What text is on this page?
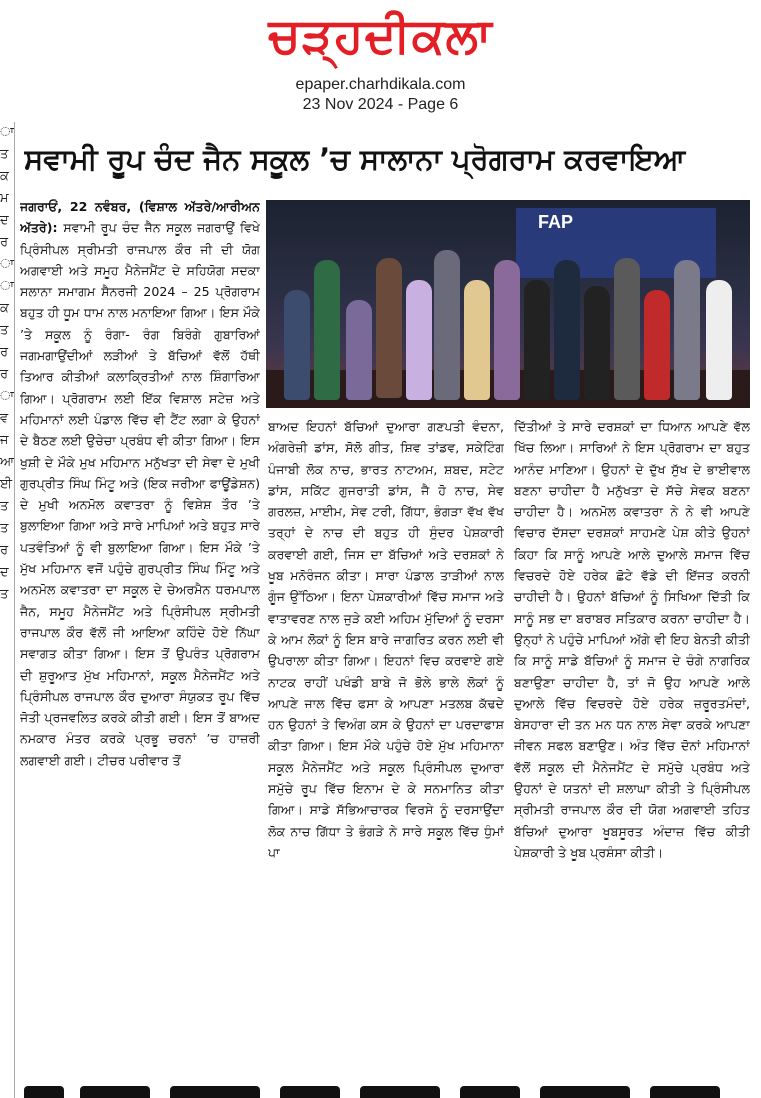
ਚੜ੍ਹਦੀਕਲਾ
epaper.charhdikala.com
23 Nov 2024 - Page 6
ਾ
ਤ
ਕ
ਮ
ਦ
ਰ
ਾ
ਾ
ਕ
ਤ
ਰ
ਰ
ਾ
ਵ
ਜ
ਆ
ਈ
ਤ
ਤ
ਰ
ਦ
ਤ
ਸਵਾਮੀ ਰੂਪ ਚੰਦ ਜੈਨ ਸਕੂਲ ’ਚ ਸਾਲਾਨਾ ਪ੍ਰੋਗਰਾਮ ਕਰਵਾਇਆ
ਜਗਰਾਓਂ, 22 ਨਵੰਬਰ, (ਵਿਸ਼ਾਲ ਅੱਤਰੇ/ਆਰੀਅਨ ਅੱਤਰੇ): ਸਵਾਮੀ ਰੂਪ ਚੰਦ ਜੈਨ ਸਕੂਲ ਜਗਰਾਉਂ ਵਿਖੇ ਪ੍ਰਿੰਸੀਪਲ ਸ੍ਰੀਮਤੀ ਰਾਜਪਾਲ ਕੌਰ ਜੀ ਦੀ ਯੋਗ ਅਗਵਾਈ ਅਤੇ ਸਮੂਹ ਮੈਨੇਜਮੈਂਟ ਦੇ ਸਹਿਯੋਗ ਸਦਕਾ ਸਲਾਨਾ ਸਮਾਗਮ ਸੈਨਰਜੀ 2024 – 25 ਪ੍ਰੋਗਰਾਮ ਬਹੁਤ ਹੀ ਧੂਮ ਧਾਮ ਨਾਲ ਮਨਾਇਆ ਗਿਆ। ਇਸ ਮੌਕੇ ’ਤੇ ਸਕੂਲ ਨੂੰ ਰੰਗਾ- ਰੰਗ ਬਿਰੰਗੇ ਗੁਬਾਰਿਆਂ ਜਗਮਗਾਉਂਦੀਆਂ ਲੜੀਆਂ ਤੇ ਬੱਚਿਆਂ ਵੱਲੋਂ ਹੱਥੀ ਤਿਆਰ ਕੀਤੀਆਂ ਕਲਾਕ੍ਰਿਤੀਆਂ ਨਾਲ ਸ਼ਿੰਗਾਰਿਆ ਗਿਆ। ਪ੍ਰੋਗਰਾਮ ਲਈ ਇੱਕ ਵਿਸ਼ਾਲ ਸਟੇਜ਼ ਅਤੇ ਮਹਿਮਾਨਾਂ ਲਈ ਪੰਡਾਲ ਵਿੱਚ ਵੀ ਟੈਂਟ ਲਗਾ ਕੇ ਉਹਨਾਂ ਦੇ ਬੈਠਣ ਲਈ ਉਚੇਚਾ ਪ੍ਰਬੰਧ ਵੀ ਕੀਤਾ ਗਿਆ। ਇਸ ਖੁਸ਼ੀ ਦੇ ਮੌਕੇ ਮੁਖ ਮਹਿਮਾਨ ਮਨੁੱਖਤਾ ਦੀ ਸੇਵਾ ਦੇ ਮੁਖੀ ਗੁਰਪ੍ਰੀਤ ਸਿੰਘ ਮਿੰਟੂ ਅਤੇ (ਇਕ ਜਰੀਆ ਫਾਊਂਡੇਸ਼ਨ) ਦੇ ਮੁਖੀ ਅਨਮੋਲ ਕਵਾਤਰਾ ਨੂੰ ਵਿਸ਼ੇਸ਼ ਤੌਰ ’ਤੇ ਬੁਲਾਇਆ ਗਿਆ ਅਤੇ ਸਾਰੇ ਮਾਪਿਆਂ ਅਤੇ ਬਹੁਤ ਸਾਰੇ ਪਤਵੰਤਿਆਂ ਨੂੰ ਵੀ ਬੁਲਾਇਆ ਗਿਆ। ਇਸ ਮੌਕੇ ’ਤੇ ਮੁੱਖ ਮਹਿਮਾਨ ਵਜੋਂ ਪਹੁੰਚੇ ਗੁਰਪ੍ਰੀਤ ਸਿੰਘ ਮਿੰਟੂ ਅਤੇ ਅਨਮੋਲ ਕਵਾਤਰਾ ਦਾ ਸਕੂਲ ਦੇ ਚੇਅਰਮੈਨ ਧਰਮਪਾਲ ਜੈਨ, ਸਮੂਹ ਮੈਨੇਜਮੈਂਟ ਅਤੇ ਪ੍ਰਿੰਸੀਪਲ ਸ੍ਰੀਮਤੀ ਰਾਜਪਾਲ ਕੌਰ ਵੱਲੋਂ ਜੀ ਆਇਆ ਕਹਿੰਦੇ ਹੋਏ ਨਿੱਘਾ ਸਵਾਗਤ ਕੀਤਾ ਗਿਆ। ਇਸ ਤੋਂ ਉਪਰੰਤ ਪ੍ਰੋਗਰਾਮ ਦੀ ਸ਼ੁਰੂਆਤ ਮੁੱਖ ਮਹਿਮਾਨਾਂ, ਸਕੂਲ ਮੈਨੇਜਮੈਂਟ ਅਤੇ ਪ੍ਰਿੰਸੀਪਲ ਰਾਜਪਾਲ ਕੌਰ ਦੁਆਰਾ ਸੰਯੁਕਤ ਰੂਪ ਵਿੱਚ ਜੋਤੀ ਪ੍ਰਜਵਲਿਤ ਕਰਕੇ ਕੀਤੀ ਗਈ। ਇਸ ਤੋਂ ਬਾਅਦ ਨਮਕਾਰ ਮੰਤਰ ਕਰਕੇ ਪ੍ਰਭੂ ਚਰਨਾਂ ’ਚ ਹਾਜ਼ਰੀ ਲਗਵਾਈ ਗਈ। ਟੀਚਰ ਪਰੀਵਾਰ ਤੋਂ
FAP
ਬਾਅਦ ਇਹਨਾਂ ਬੱਚਿਆਂ ਦੁਆਰਾ ਗਣਪਤੀ ਵੰਦਨਾ, ਅੰਗਰੇਜ਼ੀ ਡਾਂਸ, ਸੋਲੋ ਗੀਤ, ਸ਼ਿਵ ਤਾਂਡਵ, ਸਕੇਟਿੰਗ ਪੰਜਾਬੀ ਲੋਕ ਨਾਚ, ਭਾਰਤ ਨਾਟਅਮ, ਸ਼ਬਦ, ਸਟੇਟ ਡਾਂਸ, ਸਕਿੱਟ ਗੁਜਰਾਤੀ ਡਾਂਸ, ਜੈ ਹੋ ਨਾਚ, ਸੇਵ ਗਰਲਜ਼, ਮਾਈਮ, ਸੇਵ ਟਰੀ, ਗਿੱਧਾ, ਭੰਗੜਾ ਵੱਖ ਵੱਖ ਤਰ੍ਹਾਂ ਦੇ ਨਾਚ ਦੀ ਬਹੁਤ ਹੀ ਸੁੰਦਰ ਪੇਸ਼ਕਾਰੀ ਕਰਵਾਈ ਗਈ, ਜਿਸ ਦਾ ਬੱਚਿਆਂ ਅਤੇ ਦਰਸ਼ਕਾਂ ਨੇ ਖੂਬ ਮਨੋਰੰਜਨ ਕੀਤਾ। ਸਾਰਾ ਪੰਡਾਲ ਤਾੜੀਆਂ ਨਾਲ ਗੂੰਜ ਉੱਠਿਆ। ਇਨਾ ਪੇਸ਼ਕਾਰੀਆਂ ਵਿੱਚ ਸਮਾਜ ਅਤੇ ਵਾਤਾਵਰਣ ਨਾਲ ਜੁੜੇ ਕਈ ਅਹਿਮ ਮੁੱਦਿਆਂ ਨੂੰ ਦਰਸਾ ਕੇ ਆਮ ਲੋਕਾਂ ਨੂੰ ਇਸ ਬਾਰੇ ਜਾਗਰਿਤ ਕਰਨ ਲਈ ਵੀ ਉਪਰਾਲਾ ਕੀਤਾ ਗਿਆ। ਇਹਨਾਂ ਵਿਚ ਕਰਵਾਏ ਗਏ ਨਾਟਕ ਰਾਹੀਂ ਪਖੰਡੀ ਬਾਬੇ ਜੋ ਭੋਲੇ ਭਾਲੇ ਲੋਕਾਂ ਨੂੰ ਆਪਣੇ ਜਾਲ ਵਿੱਚ ਫਸਾ ਕੇ ਆਪਣਾ ਮਤਲਬ ਕੱਢਦੇ ਹਨ ਉਹਨਾਂ ਤੇ ਵਿਅੰਗ ਕਸ ਕੇ ਉਹਨਾਂ ਦਾ ਪਰਦਾਫਾਸ਼ ਕੀਤਾ ਗਿਆ। ਇਸ ਮੌਕੇ ਪਹੁੰਚੇ ਹੋਏ ਮੁੱਖ ਮਹਿਮਾਨਾ ਸਕੂਲ ਮੈਨੇਜਮੈਂਟ ਅਤੇ ਸਕੂਲ ਪ੍ਰਿੰਸੀਪਲ ਦੁਆਰਾ ਸਮੁੱਚੇ ਰੂਪ ਵਿੱਚ ਇਨਾਮ ਦੇ ਕੇ ਸਨਮਾਨਿਤ ਕੀਤਾ ਗਿਆ। ਸਾਡੇ ਸੱਭਿਆਚਾਰਕ ਵਿਰਸੇ ਨੂੰ ਦਰਸਾਉਂਦਾ ਲੋਕ ਨਾਚ ਗਿੱਧਾ ਤੇ ਭੰਗੜੇ ਨੇ ਸਾਰੇ ਸਕੂਲ ਵਿੱਚ ਧੁੰਮਾਂ ਪਾ
ਦਿੱਤੀਆਂ ਤੇ ਸਾਰੇ ਦਰਸ਼ਕਾਂ ਦਾ ਧਿਆਨ ਆਪਣੇ ਵੱਲ ਖਿੱਚ ਲਿਆ। ਸਾਰਿਆਂ ਨੇ ਇਸ ਪ੍ਰੋਗਰਾਮ ਦਾ ਬਹੁਤ ਆਨੰਦ ਮਾਣਿਆ। ਉਹਨਾਂ ਦੇ ਦੁੱਖ ਸੁੱਖ ਦੇ ਭਾਈਵਾਲ ਬਣਨਾ ਚਾਹੀਦਾ ਹੈ ਮਨੁੱਖਤਾ ਦੇ ਸੱਚੇ ਸੇਵਕ ਬਣਨਾ ਚਾਹੀਦਾ ਹੈ। ਅਨਮੋਲ ਕਵਾਤਰਾ ਨੇ ਨੇ ਵੀ ਆਪਣੇ ਵਿਚਾਰ ਦੱਸਦਾ ਦਰਸ਼ਕਾਂ ਸਾਹਮਣੇ ਪੇਸ਼ ਕੀਤੇ ਉਹਨਾਂ ਕਿਹਾ ਕਿ ਸਾਨੂੰ ਆਪਣੇ ਆਲੇ ਦੁਆਲੇ ਸਮਾਜ ਵਿੱਚ ਵਿਚਰਦੇ ਹੋਏ ਹਰੇਕ ਛੋਟੇ ਵੱਡੇ ਦੀ ਇੱਜਤ ਕਰਨੀ ਚਾਹੀਦੀ ਹੈ। ਉਹਨਾਂ ਬੱਚਿਆਂ ਨੂੰ ਸਿਖਿਆ ਦਿੱਤੀ ਕਿ ਸਾਨੂੰ ਸਭ ਦਾ ਬਰਾਬਰ ਸਤਿਕਾਰ ਕਰਨਾ ਚਾਹੀਦਾ ਹੈ। ਉਨ੍ਹਾਂ ਨੇ ਪਹੁੰਚੇ ਮਾਪਿਆਂ ਅੱਗੇ ਵੀ ਇਹ ਬੇਨਤੀ ਕੀਤੀ ਕਿ ਸਾਨੂੰ ਸਾਡੇ ਬੱਚਿਆਂ ਨੂੰ ਸਮਾਜ ਦੇ ਚੰਗੇ ਨਾਗਰਿਕ ਬਣਾਉਣਾ ਚਾਹੀਦਾ ਹੈ, ਤਾਂ ਜੋ ਉਹ ਆਪਣੇ ਆਲੇ ਦੁਆਲੇ ਵਿੱਚ ਵਿਚਰਦੇ ਹੋਏ ਹਰੇਕ ਜ਼ਰੂਰਤਮੰਦਾਂ, ਬੇਸਹਾਰਾ ਦੀ ਤਨ ਮਨ ਧਨ ਨਾਲ ਸੇਵਾ ਕਰਕੇ ਆਪਣਾ ਜੀਵਨ ਸਫਲ ਬਣਾਉਣ। ਅੰਤ ਵਿੱਚ ਦੋਨਾਂ ਮਹਿਮਾਨਾਂ ਵੱਲੋਂ ਸਕੂਲ ਦੀ ਮੈਨੇਜਮੈਂਟ ਦੇ ਸਮੁੱਚੇ ਪ੍ਰਬੰਧ ਅਤੇ ਉਹਨਾਂ ਦੇ ਯਤਨਾਂ ਦੀ ਸ਼ਲਾਘਾ ਕੀਤੀ ਤੇ ਪ੍ਰਿੰਸੀਪਲ ਸ੍ਰੀਮਤੀ ਰਾਜਪਾਲ ਕੌਰ ਦੀ ਯੋਗ ਅਗਵਾਈ ਤਹਿਤ ਬੱਚਿਆਂ ਦੁਆਰਾ ਖੂਬਸੂਰਤ ਅੰਦਾਜ਼ ਵਿੱਚ ਕੀਤੀ ਪੇਸ਼ਕਾਰੀ ਤੇ ਖੂਬ ਪ੍ਰਸ਼ੰਸਾ ਕੀਤੀ।
